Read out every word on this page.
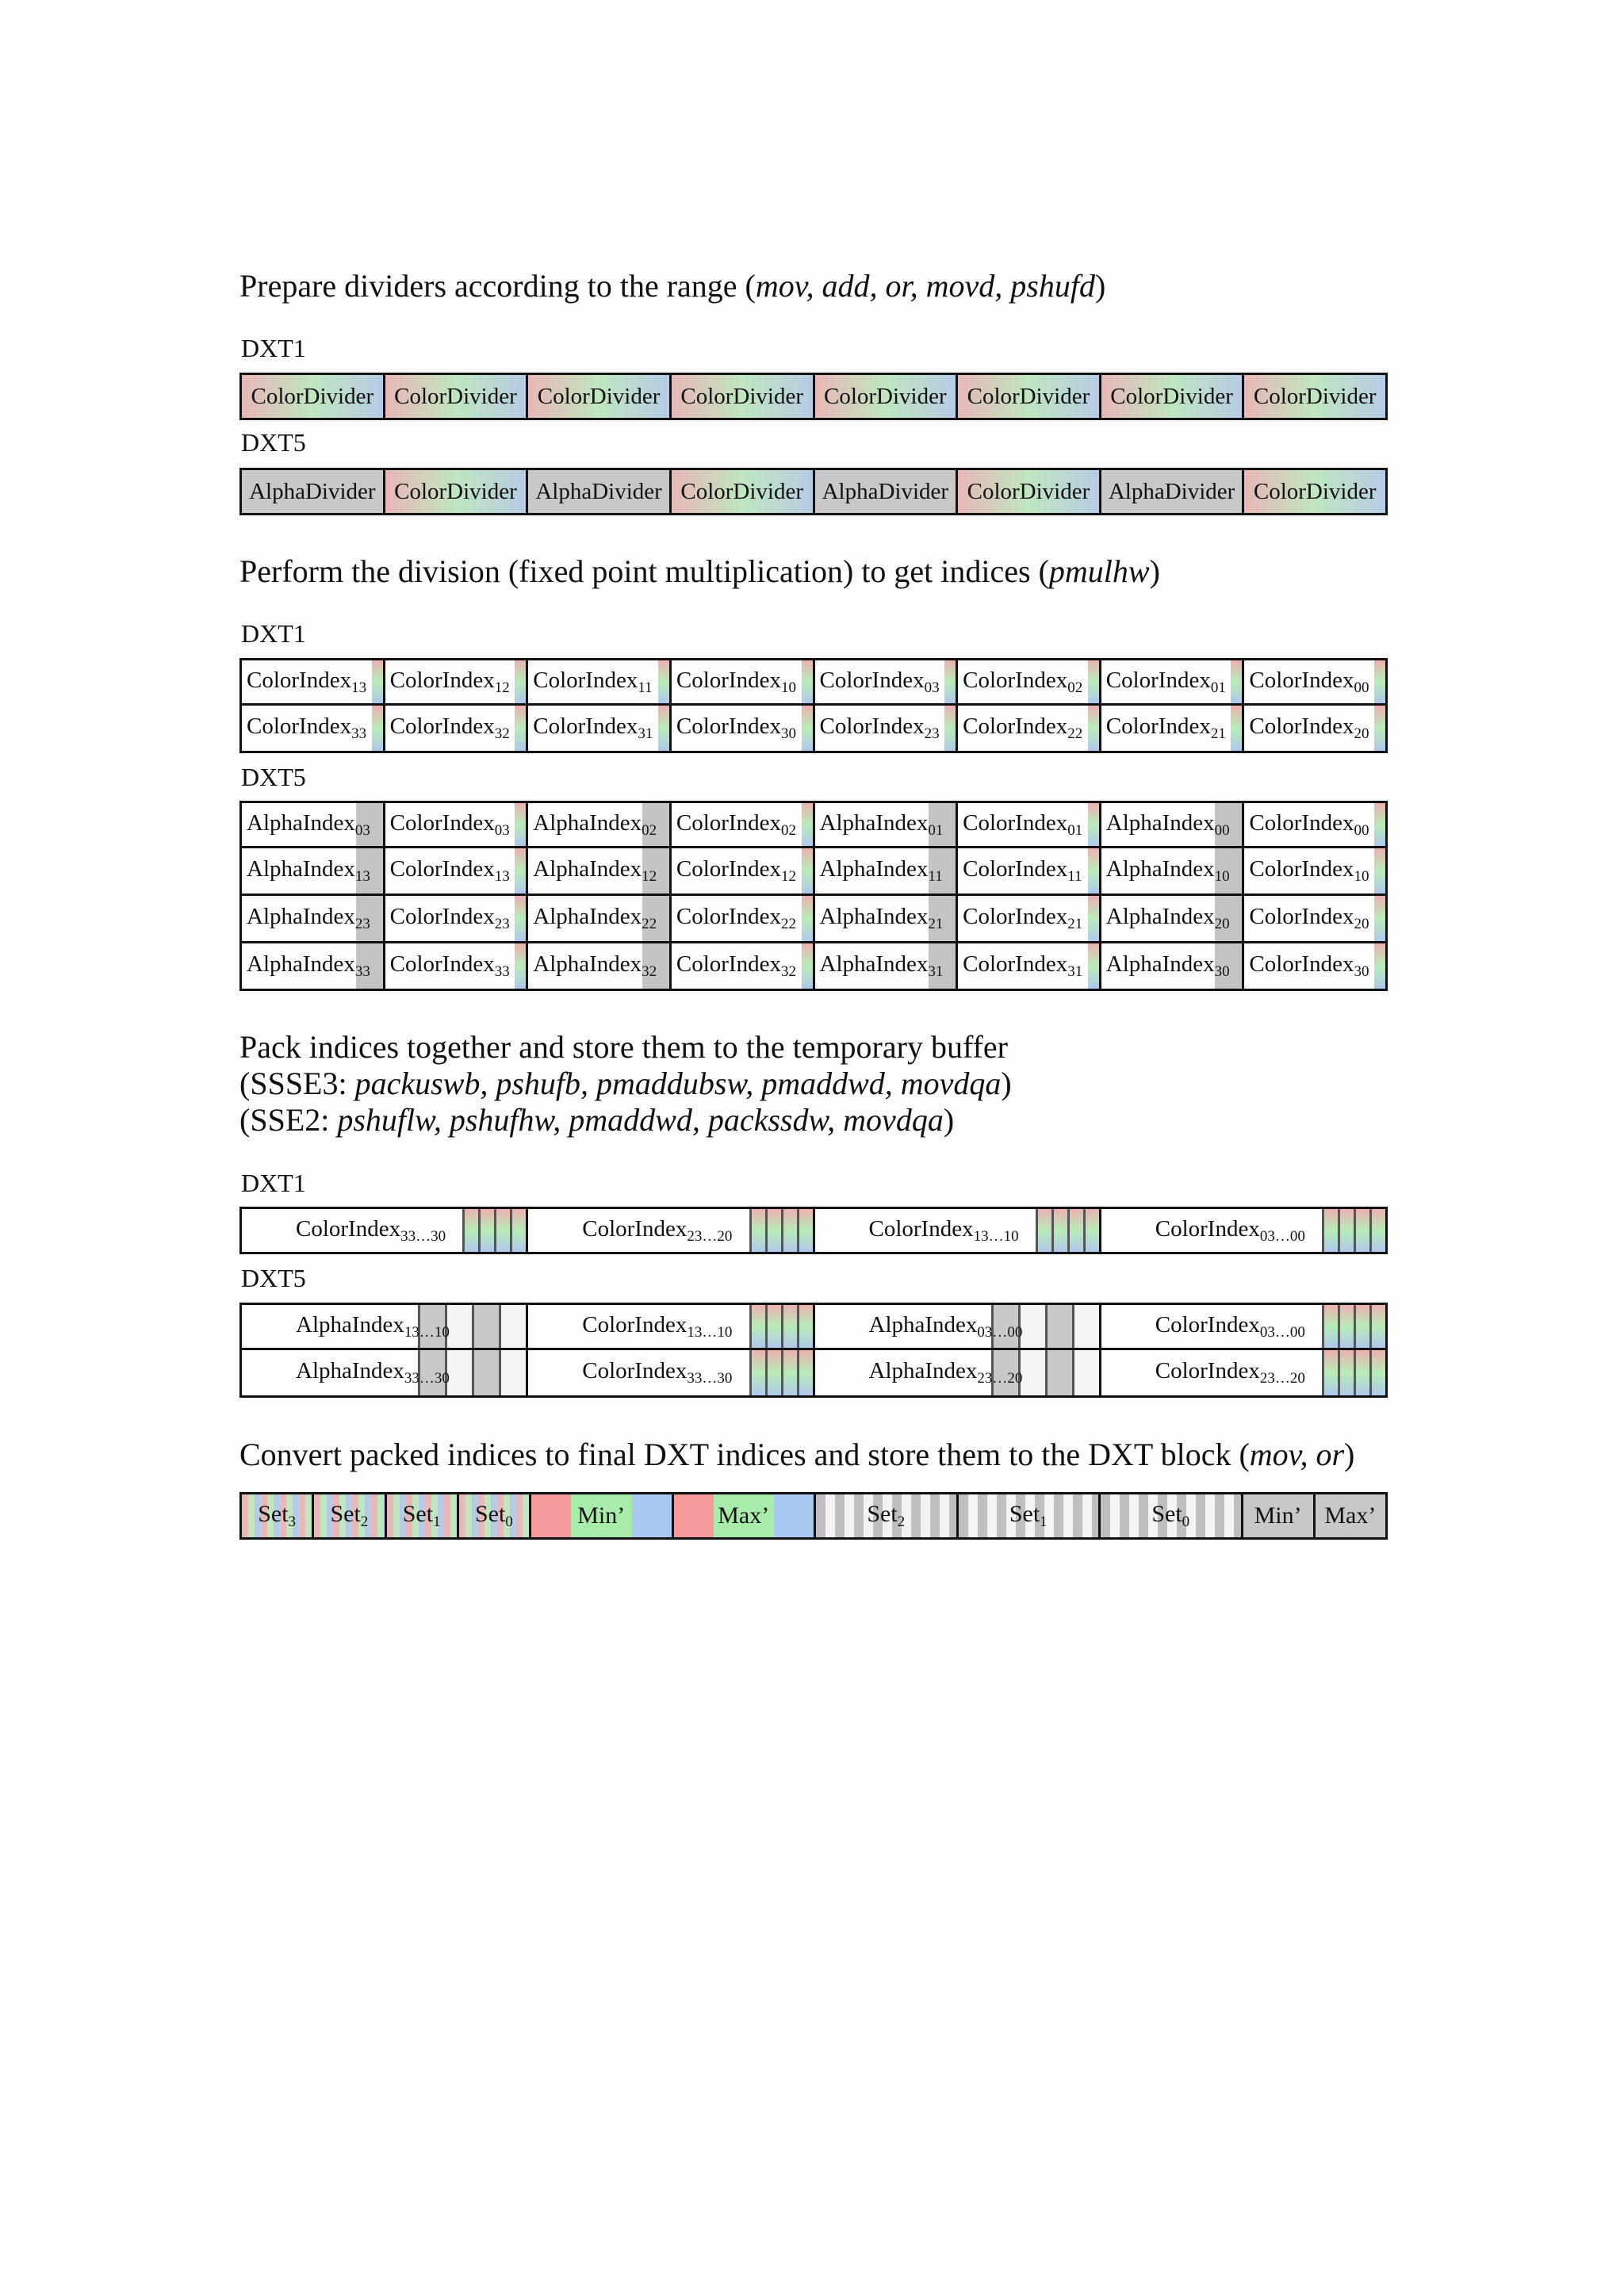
Prepare dividers according to the range (mov, add, or, movd, pshufd)
DXT1
ColorDivider ColorDivider ColorDivider ColorDivider ColorDivider ColorDivider ColorDivider ColorDivider
DXT5
AlphaDivider ColorDivider AlphaDivider ColorDivider AlphaDivider ColorDivider AlphaDivider ColorDivider
Perform the division (fixed point multiplication) to get indices (pmulhw)
DXT1
ColorIndex$_{13}$ ColorIndex$_{12}$ ColorIndex$_{11}$ ColorIndex$_{10}$ ColorIndex$_{03}$ ColorIndex$_{02}$ ColorIndex$_{01}$ ColorIndex$_{00}$
ColorIndex$_{33}$ ColorIndex$_{32}$ ColorIndex$_{31}$ ColorIndex$_{30}$ ColorIndex$_{23}$ ColorIndex$_{22}$ ColorIndex$_{21}$ ColorIndex$_{20}$
DXT5
AlphaIndex$_{03}$ ColorIndex$_{03}$ AlphaIndex$_{02}$ ColorIndex$_{02}$ AlphaIndex$_{01}$ ColorIndex$_{01}$ AlphaIndex$_{00}$ ColorIndex$_{00}$
AlphaIndex$_{13}$ ColorIndex$_{13}$ AlphaIndex$_{12}$ ColorIndex$_{12}$ AlphaIndex$_{11}$ ColorIndex$_{11}$ AlphaIndex$_{10}$ ColorIndex$_{10}$
AlphaIndex$_{23}$ ColorIndex$_{23}$ AlphaIndex$_{22}$ ColorIndex$_{22}$ AlphaIndex$_{21}$ ColorIndex$_{21}$ AlphaIndex$_{20}$ ColorIndex$_{20}$
AlphaIndex$_{33}$ ColorIndex$_{33}$ AlphaIndex$_{32}$ ColorIndex$_{32}$ AlphaIndex$_{31}$ ColorIndex$_{31}$ AlphaIndex$_{30}$ ColorIndex$_{30}$
Pack indices together and store them to the temporary buffer
(SSSE3: packuswb, pshufb, pmaddubsw, pmaddwd, movdqa)
(SSE2: pshuflw, pshufhw, pmaddwd, packssdw, movdqa)
DXT1
ColorIndex$_{33\dots 30}$	ColorIndex$_{23\dots 20}$	ColorIndex$_{13\dots 10}$	ColorIndex$_{03\dots 00}$
DXT5
AlphaIndex$_{13\dots 10}$	ColorIndex$_{13\dots 10}$	AlphaIndex$_{03\dots 00}$	ColorIndex$_{03\dots 00}$
AlphaIndex$_{33\dots 30}$	ColorIndex$_{33\dots 30}$	AlphaIndex$_{23\dots 20}$	ColorIndex$_{23\dots 20}$
Convert packed indices to final DXT indices and store them to the DXT block (mov, or)
Set$_3$ Set$_2$ Set$_1$ Set$_0$	Min’	Max’	Set$_2$	Set$_1$	Set$_0$	Min’ Max’
